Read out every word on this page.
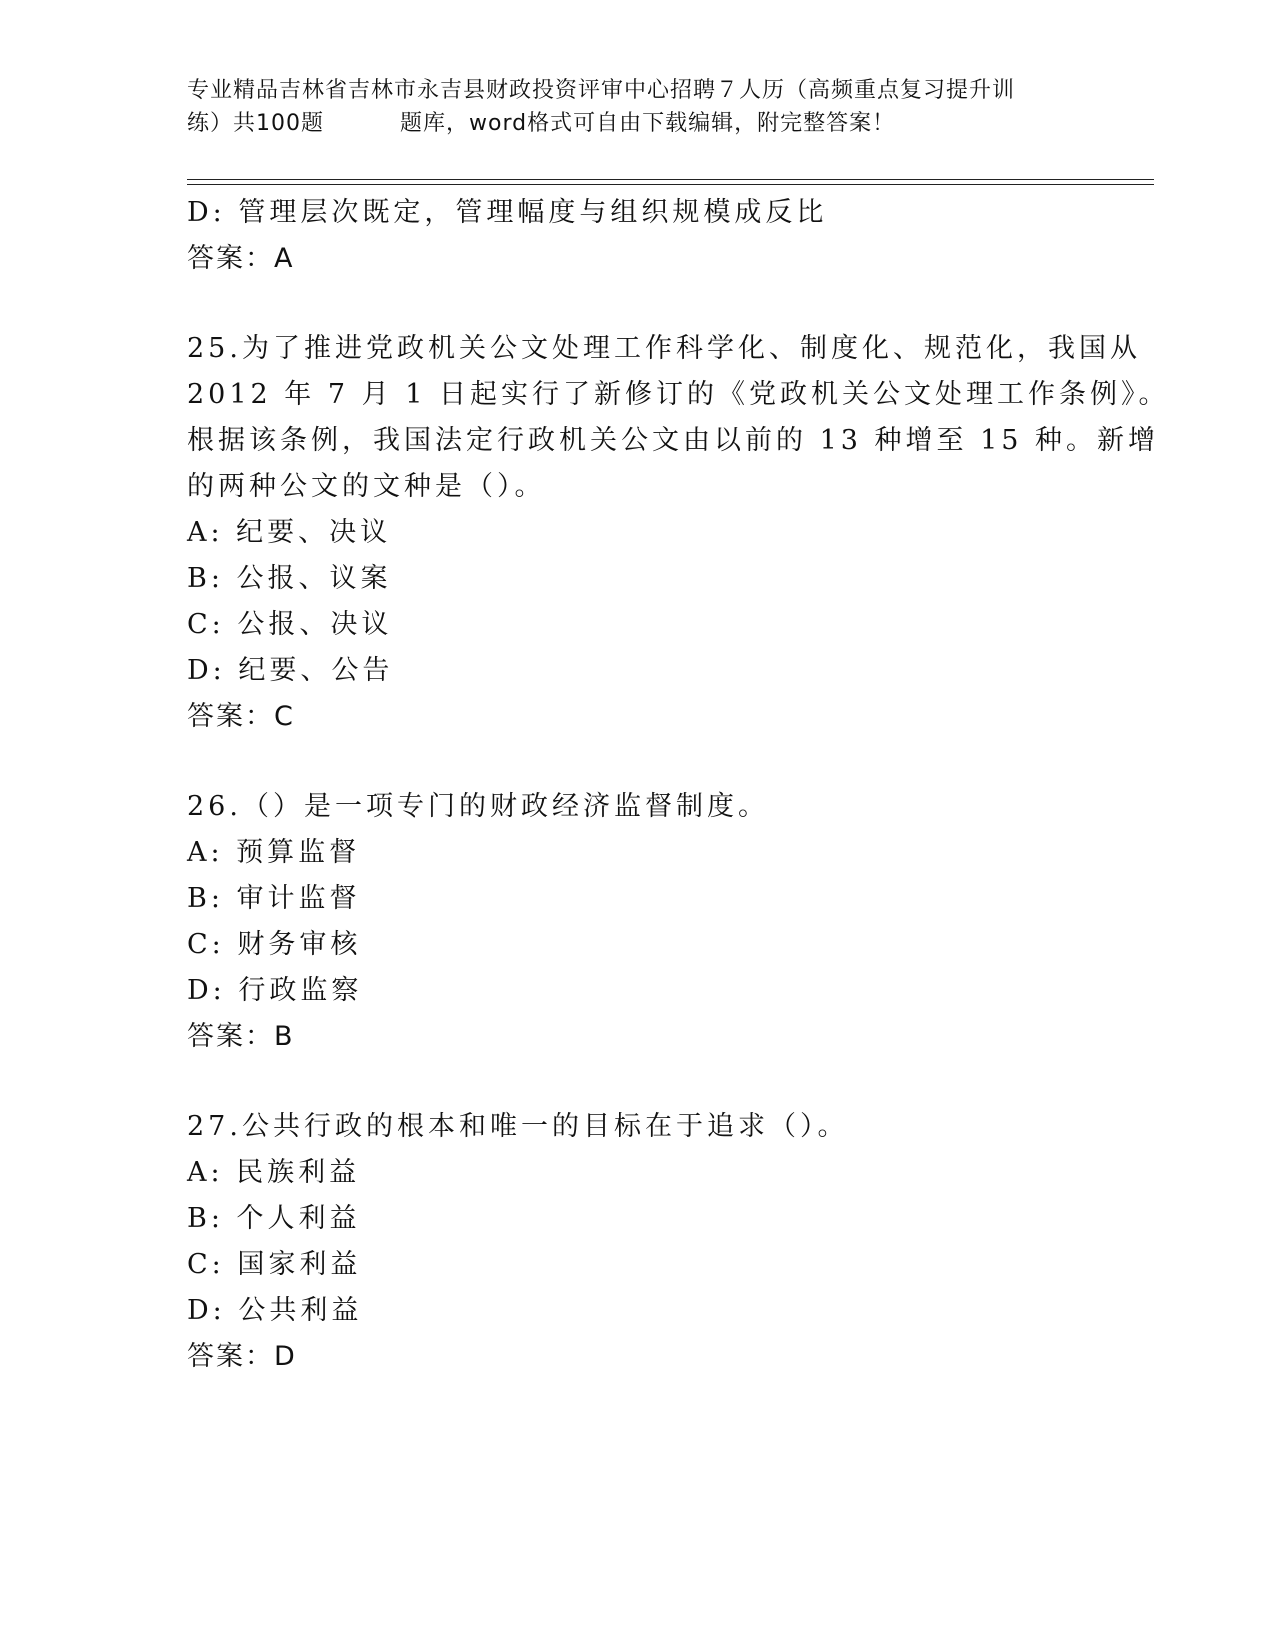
专业精品吉林省吉林市永吉县财政投资评审中心招聘７人历（高频重点复习提升训
练）共100题	题库，word格式可自由下载编辑，附完整答案！
D: 管理层次既定，管理幅度与组织规模成反比
答案：A
25.为了推进党政机关公文处理工作科学化、制度化、规范化，我国从
2012 年 7 月 1 日起实行了新修订的《党政机关公文处理工作条例》。
根据该条例，我国法定行政机关公文由以前的 13 种增至 15 种。新增
的两种公文的文种是（）。
A: 纪要、决议
B: 公报、议案
C: 公报、决议
D: 纪要、公告
答案：C
26.（）是一项专门的财政经济监督制度。
A: 预算监督
B: 审计监督
C: 财务审核
D: 行政监察
答案：B
27.公共行政的根本和唯一的目标在于追求（）。
A: 民族利益
B: 个人利益
C: 国家利益
D: 公共利益
答案：D
